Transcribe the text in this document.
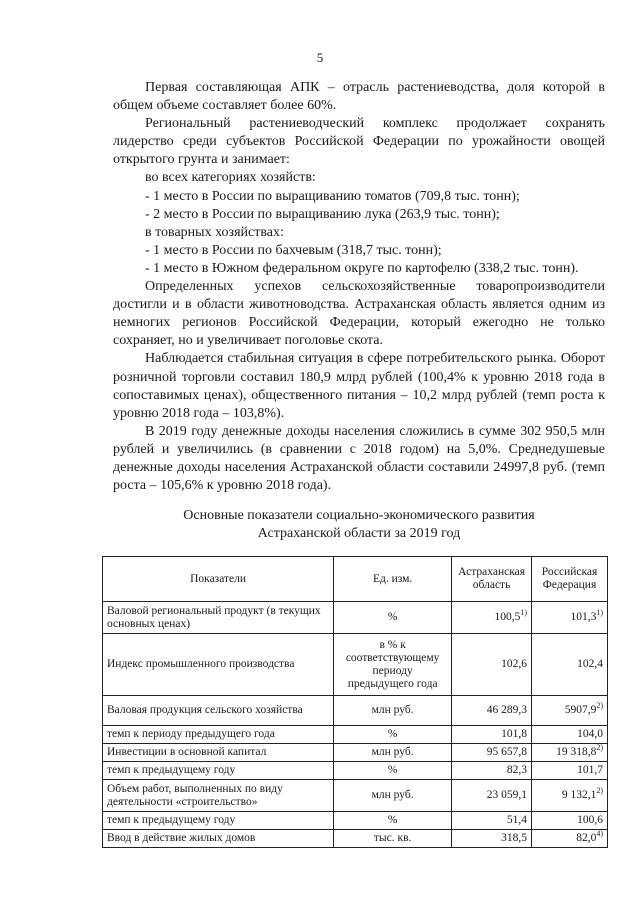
5

Первая составляющая АПК – отрасль растениеводства, доля которой в общем объеме составляет более 60%.

Региональный растениеводческий комплекс продолжает сохранять лидерство среди субъектов Российской Федерации по урожайности овощей открытого грунта и занимает:

во всех категориях хозяйств:

- 1 место в России по выращиванию томатов (709,8 тыс. тонн);

- 2 место в России по выращиванию лука (263,9 тыс. тонн);

в товарных хозяйствах:

- 1 место в России по бахчевым (318,7 тыс. тонн);

- 1 место в Южном федеральном округе по картофелю (338,2 тыс. тонн).

Определенных успехов сельскохозяйственные товаропроизводители достигли и в области животноводства. Астраханская область является одним из немногих регионов Российской Федерации, который ежегодно не только сохраняет, но и увеличивает поголовье скота.

Наблюдается стабильная ситуация в сфере потребительского рынка. Оборот розничной торговли составил 180,9 млрд рублей (100,4% к уровню 2018 года в сопоставимых ценах), общественного питания – 10,2 млрд рублей (темп роста к уровню 2018 года – 103,8%).

В 2019 году денежные доходы населения сложились в сумме 302 950,5 млн рублей и увеличились (в сравнении с 2018 годом) на 5,0%. Среднедушевые денежные доходы населения Астраханской области составили 24997,8 руб. (темп роста – 105,6% к уровню 2018 года).

Основные показатели социально-экономического развития
Астраханской области за 2019 год
Показатели	Ед. изм.	Астраханская область	Российская Федерация
Валовой региональный продукт (в текущих основных ценах)	%	100,5$^{1)}$	101,3$^{1)}$
Индекс промышленного производства	в % к соответствующему периоду предыдущего года	102,6	102,4
Валовая продукция сельского хозяйства	млн руб.	46 289,3	5907,9$^{2)}$
темп к периоду предыдущего года	%	101,8	104,0
Инвестиции в основной капитал	млн руб.	95 657,8	19 318,8$^{2)}$
темп к предыдущему году	%	82,3	101,7
Объем работ, выполненных по виду деятельности «строительство»	млн руб.	23 059,1	9 132,1$^{2)}$
темп к предыдущему году	%	51,4	100,6
Ввод в действие жилых домов	тыс. кв.	318,5	82,0$^{4)}$
